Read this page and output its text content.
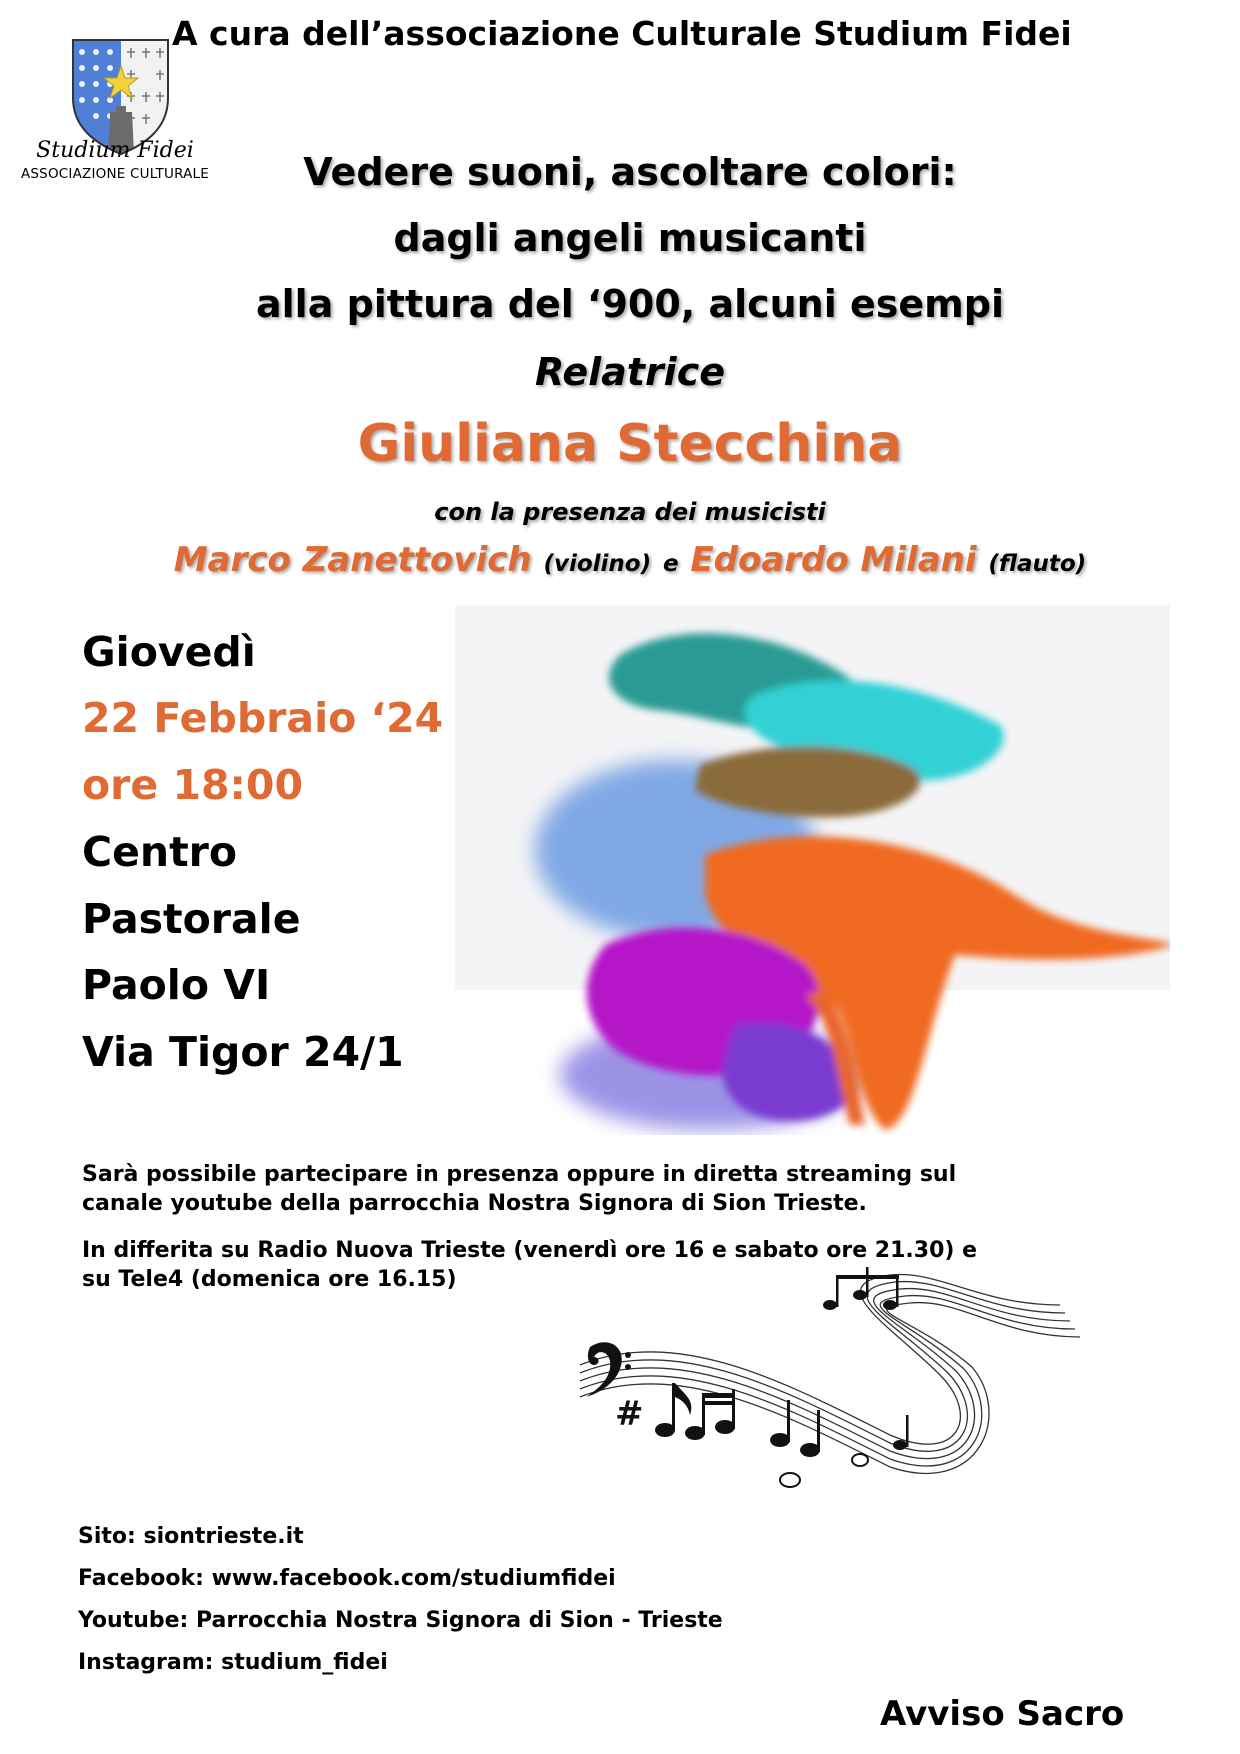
A cura dell’associazione Culturale Studium Fidei
Studium Fidei
ASSOCIAZIONE CULTURALE	Vedere suoni, ascoltare colori:
dagli angeli musicanti
alla pittura del ‘900, alcuni esempi
Relatrice
Giuliana Stecchina
con la presenza dei musicisti
Marco Zanettovich (violino) e Edoardo Milani (flauto)
Giovedì
22 Febbraio ‘24
ore 18:00
Centro
Pastorale
Paolo VI
Via Tigor 24/1
Sarà possibile partecipare in presenza oppure in diretta streaming sul canale youtube della parrocchia Nostra Signora di Sion Trieste.
In differita su Radio Nuova Trieste (venerdì ore 16 e sabato ore 21.30) e su Tele4 (domenica ore 16.15)
#
Sito: siontrieste.it
Facebook: www.facebook.com/studiumfidei
Youtube: Parrocchia Nostra Signora di Sion - Trieste
Instagram: studium_fidei
Avviso Sacro
